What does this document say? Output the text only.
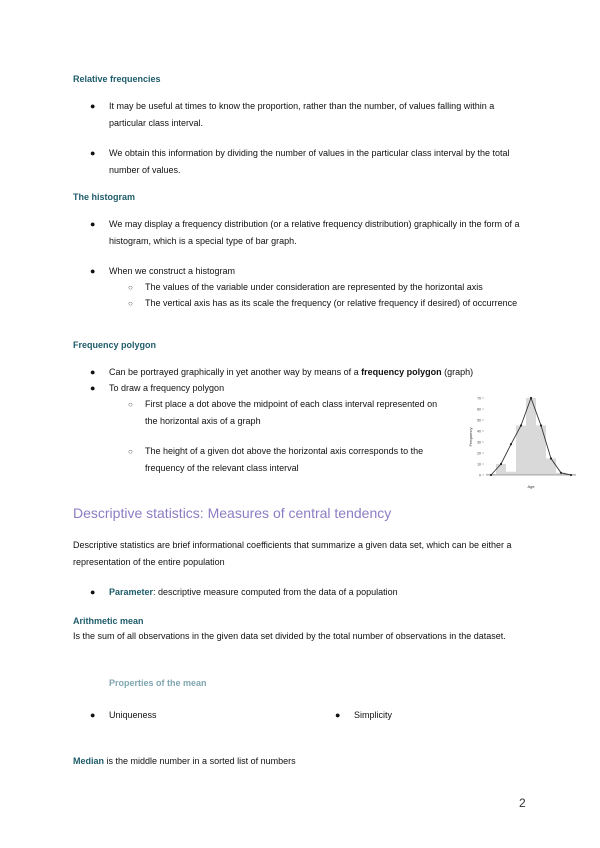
Relative frequencies
● It may be useful at times to know the proportion, rather than the number, of values falling within a particular class interval.
● We obtain this information by dividing the number of values in the particular class interval by the total number of values.
The histogram
● We may display a frequency distribution (or a relative frequency distribution) graphically in the form of a histogram, which is a special type of bar graph.
● When we construct a histogram
○ The values of the variable under consideration are represented by the horizontal axis
○ The vertical axis has as its scale the frequency (or relative frequency if desired) of occurrence
Frequency polygon
● Can be portrayed graphically in yet another way by means of a frequency polygon (graph)
● To draw a frequency polygon
○ First place a dot above the midpoint of each class interval represented on the horizontal axis of a graph
○ The height of a given dot above the horizontal axis corresponds to the frequency of the relevant class interval
0
10
20
30
40
50
60
70
Frequency
Age
Descriptive statistics: Measures of central tendency
Descriptive statistics are brief informational coefficients that summarize a given data set, which can be either a representation of the entire population
● Parameter: descriptive measure computed from the data of a population
Arithmetic mean
Is the sum of all observations in the given data set divided by the total number of observations in the dataset.
Properties of the mean
● Uniqueness	● Simplicity
Median is the middle number in a sorted list of numbers
2
